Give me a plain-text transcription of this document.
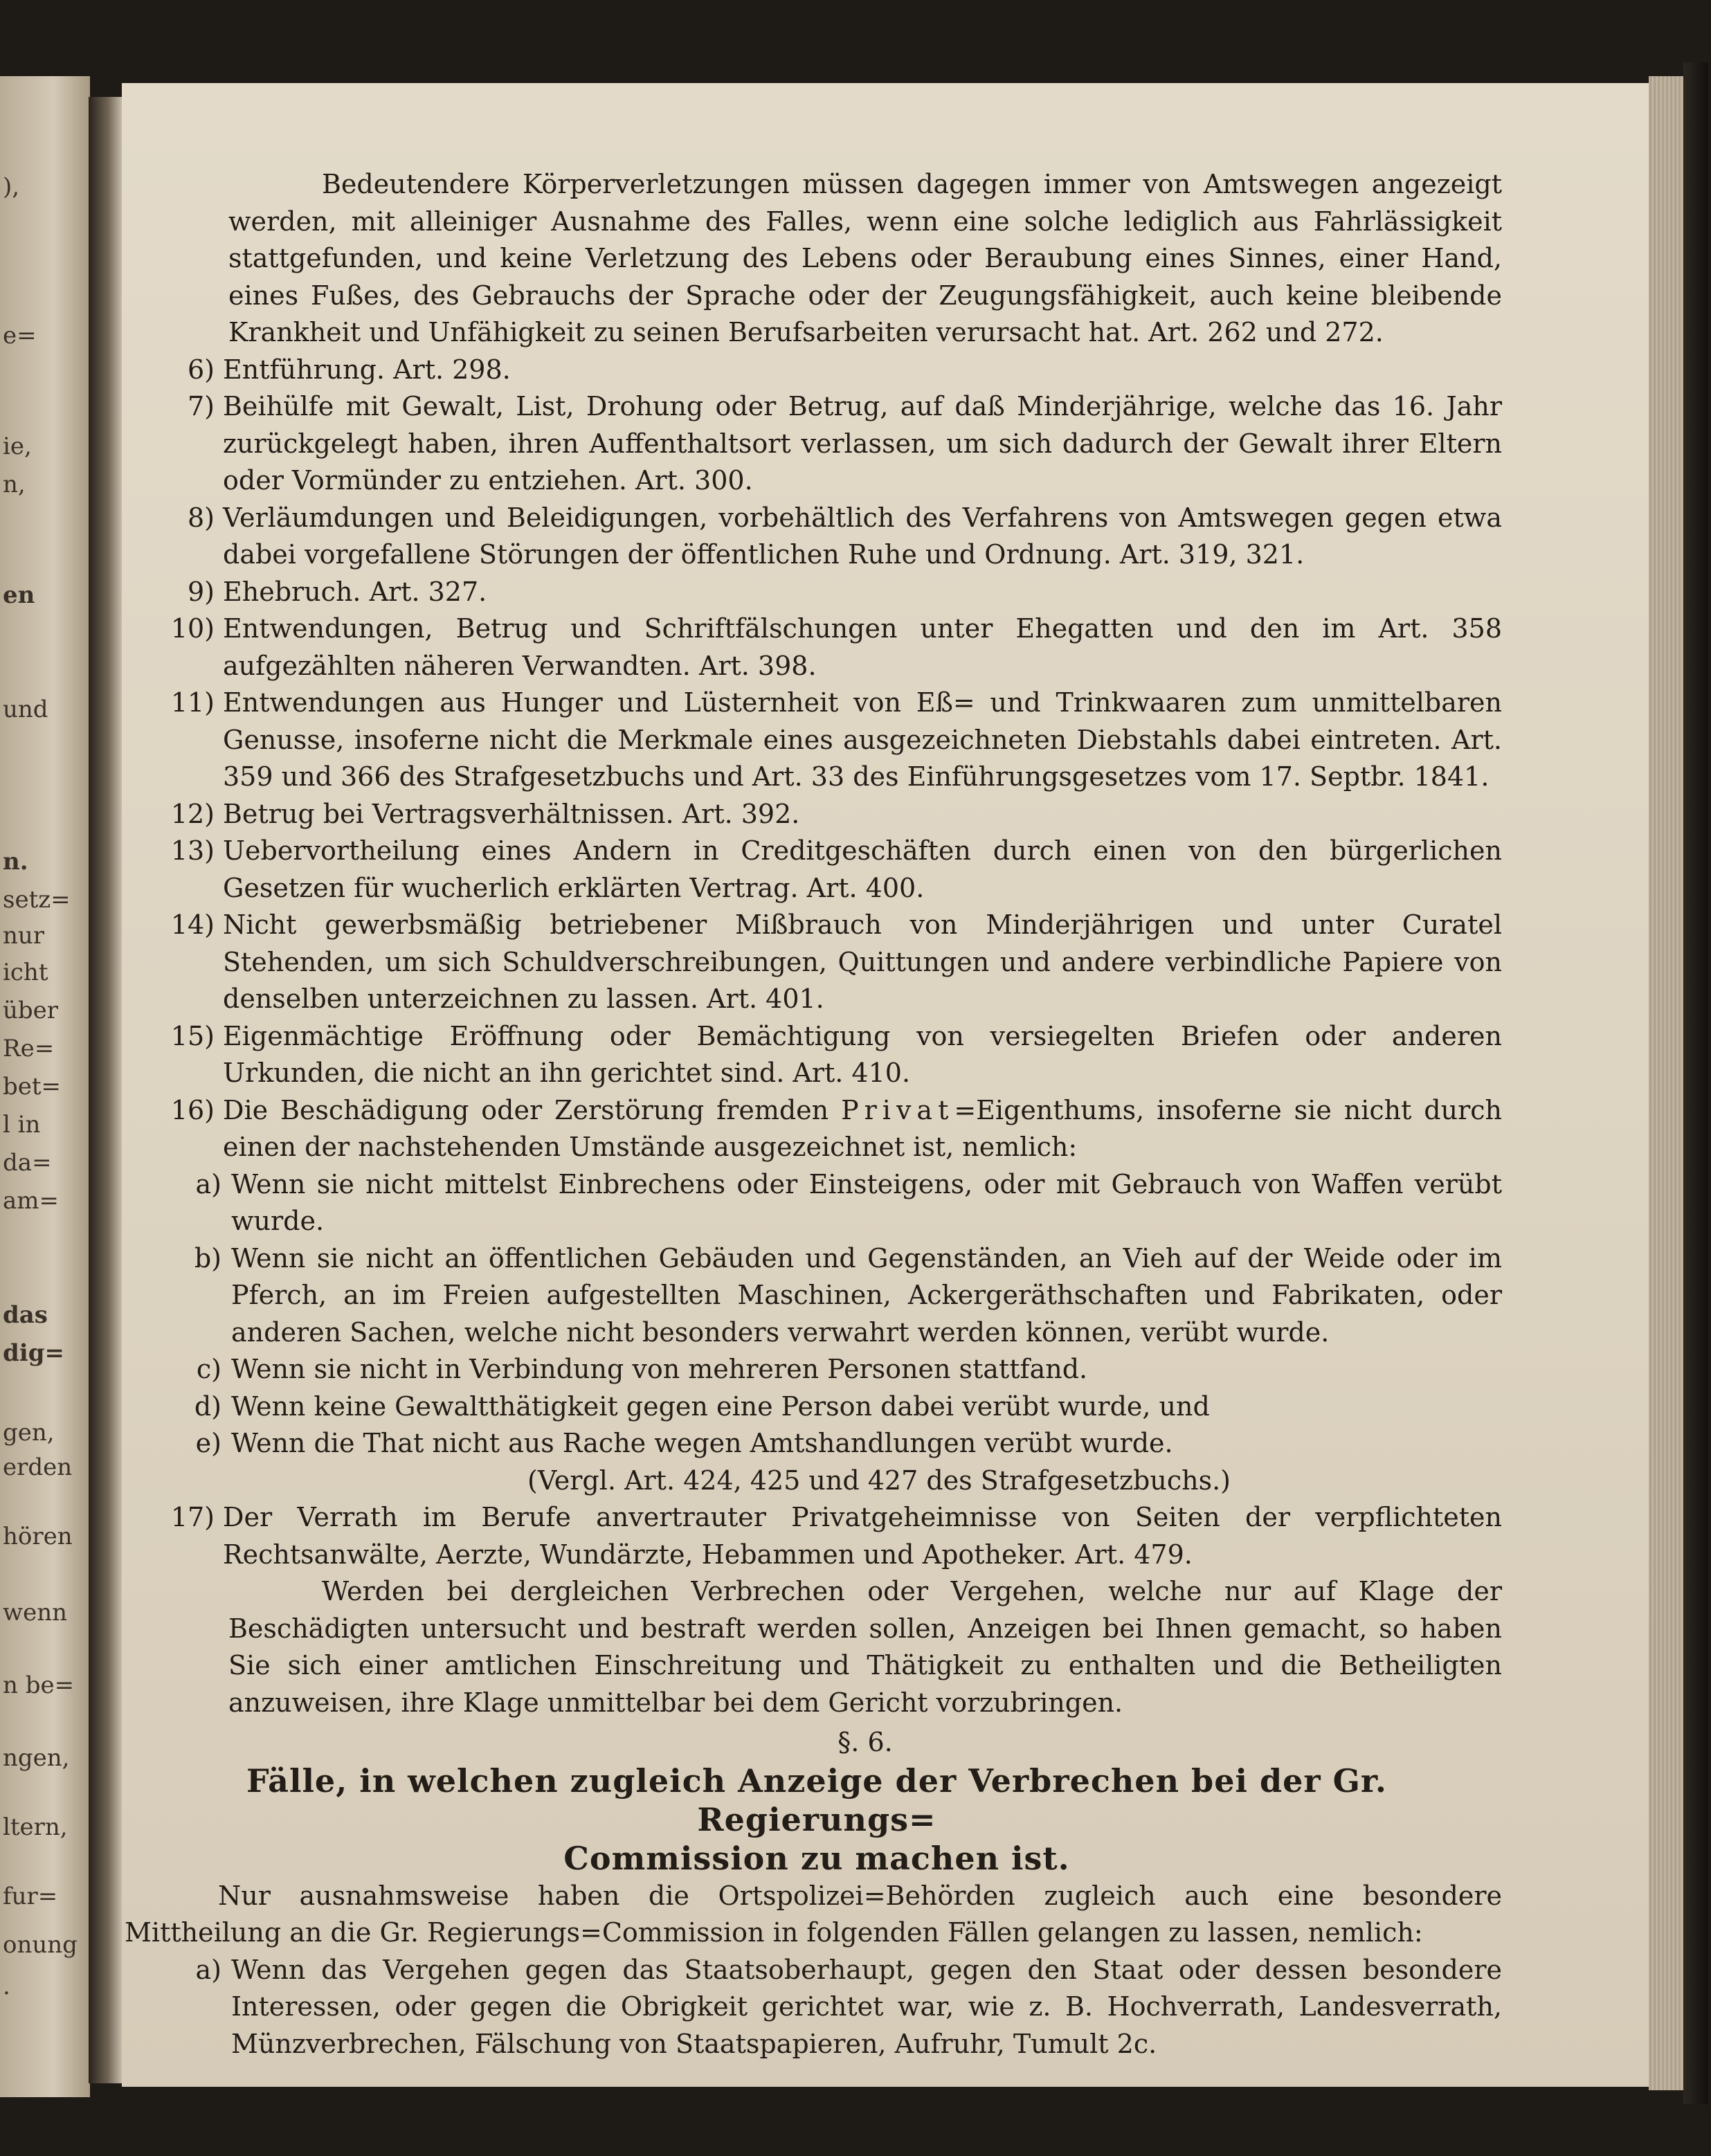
),
e=
ie,
n,
en
und
n.
setz=
nur
icht
über
Re=
bet=
l in
da=
am=
das
dig=
gen,
erden
hören
wenn
n be=
ngen,
ltern,
fur=
onung
.
Bedeutendere Körperverletzungen müssen dagegen immer von Amtswegen angezeigt werden, mit alleiniger Ausnahme des Falles, wenn eine solche lediglich aus Fahrlässigkeit stattgefunden, und keine Verletzung des Lebens oder Beraubung eines Sinnes, einer Hand, eines Fußes, des Gebrauchs der Sprache oder der Zeugungsfähigkeit, auch keine bleibende Krankheit und Unfähigkeit zu seinen Berufsarbeiten verursacht hat. Art. 262 und 272.
6) Entführung. Art. 298.
7) Beihülfe mit Gewalt, List, Drohung oder Betrug, auf daß Minderjährige, welche das 16. Jahr zurückgelegt haben, ihren Auffenthaltsort verlassen, um sich dadurch der Gewalt ihrer Eltern oder Vormünder zu entziehen. Art. 300.
8) Verläumdungen und Beleidigungen, vorbehältlich des Verfahrens von Amtswegen gegen etwa dabei vorgefallene Störungen der öffentlichen Ruhe und Ordnung. Art. 319, 321.
9) Ehebruch. Art. 327.
10) Entwendungen, Betrug und Schriftfälschungen unter Ehegatten und den im Art. 358 aufgezählten näheren Verwandten. Art. 398.
11) Entwendungen aus Hunger und Lüsternheit von Eß= und Trinkwaaren zum unmittelbaren Genusse, insoferne nicht die Merkmale eines ausgezeichneten Diebstahls dabei eintreten. Art. 359 und 366 des Strafgesetzbuchs und Art. 33 des Einführungsgesetzes vom 17. Septbr. 1841.
12) Betrug bei Vertragsverhältnissen. Art. 392.
13) Uebervortheilung eines Andern in Creditgeschäften durch einen von den bürgerlichen Gesetzen für wucherlich erklärten Vertrag. Art. 400.
14) Nicht gewerbsmäßig betriebener Mißbrauch von Minderjährigen und unter Curatel Stehenden, um sich Schuldverschreibungen, Quittungen und andere verbindliche Papiere von denselben unterzeichnen zu lassen. Art. 401.
15) Eigenmächtige Eröffnung oder Bemächtigung von versiegelten Briefen oder anderen Urkunden, die nicht an ihn gerichtet sind. Art. 410.
16) Die Beschädigung oder Zerstörung fremden Privat=Eigenthums, insoferne sie nicht durch einen der nachstehenden Umstände ausgezeichnet ist, nemlich:
a) Wenn sie nicht mittelst Einbrechens oder Einsteigens, oder mit Gebrauch von Waffen verübt wurde.
b) Wenn sie nicht an öffentlichen Gebäuden und Gegenständen, an Vieh auf der Weide oder im Pferch, an im Freien aufgestellten Maschinen, Ackergeräthschaften und Fabrikaten, oder anderen Sachen, welche nicht besonders verwahrt werden können, verübt wurde.
c) Wenn sie nicht in Verbindung von mehreren Personen stattfand.
d) Wenn keine Gewaltthätigkeit gegen eine Person dabei verübt wurde, und
e) Wenn die That nicht aus Rache wegen Amtshandlungen verübt wurde.
(Vergl. Art. 424, 425 und 427 des Strafgesetzbuchs.)
17) Der Verrath im Berufe anvertrauter Privatgeheimnisse von Seiten der verpflichteten Rechtsanwälte, Aerzte, Wundärzte, Hebammen und Apotheker. Art. 479.
Werden bei dergleichen Verbrechen oder Vergehen, welche nur auf Klage der Beschädigten untersucht und bestraft werden sollen, Anzeigen bei Ihnen gemacht, so haben Sie sich einer amtlichen Einschreitung und Thätigkeit zu enthalten und die Betheiligten anzuweisen, ihre Klage unmittelbar bei dem Gericht vorzubringen.
§. 6.
Fälle, in welchen zugleich Anzeige der Verbrechen bei der Gr. Regierungs=
Commission zu machen ist.
Nur ausnahmsweise haben die Ortspolizei=Behörden zugleich auch eine besondere Mittheilung an die Gr. Regierungs=Commission in folgenden Fällen gelangen zu lassen, nemlich:
a) Wenn das Vergehen gegen das Staatsoberhaupt, gegen den Staat oder dessen besondere Interessen, oder gegen die Obrigkeit gerichtet war, wie z. B. Hochverrath, Landesverrath, Münzverbrechen, Fälschung von Staatspapieren, Aufruhr, Tumult 2c.
